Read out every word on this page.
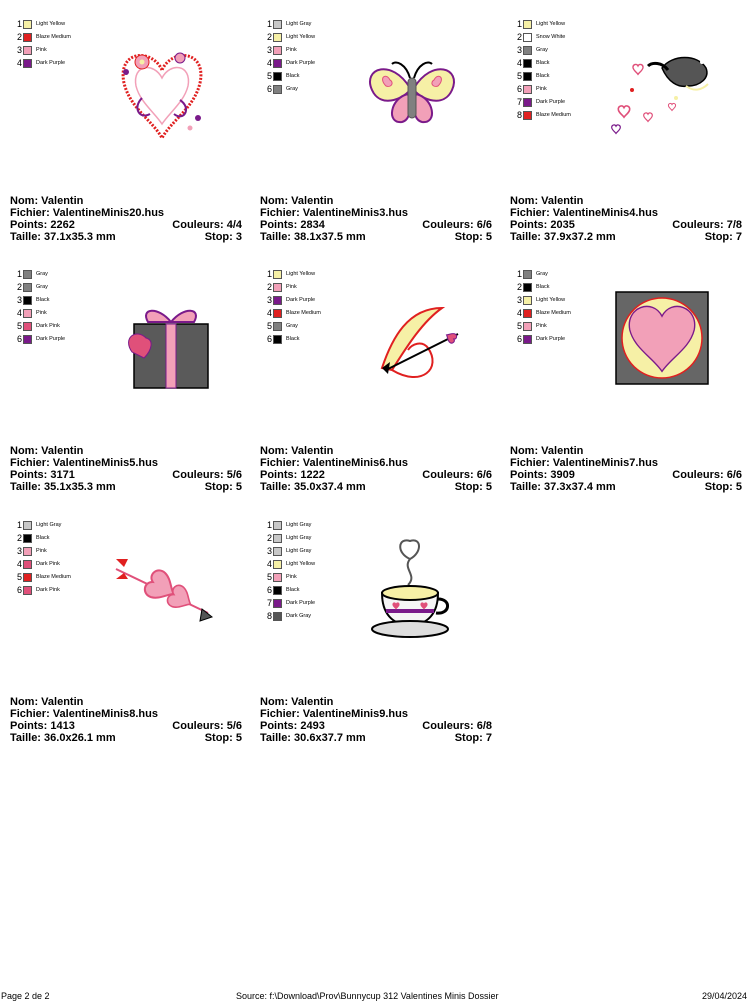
1	Light Yellow
2	Blaze Medium
3	Pink
4	Dark Purple
Nom: Valentin
Fichier: ValentineMinis20.hus
Points: 2262	Couleurs: 4/4
Taille: 37.1x35.3 mm	Stop: 3
1	Light Gray
2	Light Yellow
3	Pink
4	Dark Purple
5	Black
6	Gray
Nom: Valentin
Fichier: ValentineMinis3.hus
Points: 2834	Couleurs: 6/6
Taille: 38.1x37.5 mm	Stop: 5
1	Light Yellow
2	Snow White
3	Gray
4	Black
5	Black
6	Pink
7	Dark Purple
8	Blaze Medium
Nom: Valentin
Fichier: ValentineMinis4.hus
Points: 2035	Couleurs: 7/8
Taille: 37.9x37.2 mm	Stop: 7
1	Gray
2	Gray
3	Black
4	Pink
5	Dark Pink
6	Dark Purple
Nom: Valentin
Fichier: ValentineMinis5.hus
Points: 3171	Couleurs: 5/6
Taille: 35.1x35.3 mm	Stop: 5
1	Light Yellow
2	Pink
3	Dark Purple
4	Blaze Medium
5	Gray
6	Black
Nom: Valentin
Fichier: ValentineMinis6.hus
Points: 1222	Couleurs: 6/6
Taille: 35.0x37.4 mm	Stop: 5
1	Gray
2	Black
3	Light Yellow
4	Blaze Medium
5	Pink
6	Dark Purple
Nom: Valentin
Fichier: ValentineMinis7.hus
Points: 3909	Couleurs: 6/6
Taille: 37.3x37.4 mm	Stop: 5
1	Light Gray
2	Black
3	Pink
4	Dark Pink
5	Blaze Medium
6	Dark Pink
Nom: Valentin
Fichier: ValentineMinis8.hus
Points: 1413	Couleurs: 5/6
Taille: 36.0x26.1 mm	Stop: 5
1	Light Gray
2	Light Gray
3	Light Gray
4	Light Yellow
5	Pink
6	Black
7	Dark Purple
8	Dark Gray
Nom: Valentin
Fichier: ValentineMinis9.hus
Points: 2493	Couleurs: 6/8
Taille: 30.6x37.7 mm	Stop: 7
Page 2 de 2	Source: f:\Download\Prov\Bunnycup 312 Valentines Minis Dossier	29/04/2024
